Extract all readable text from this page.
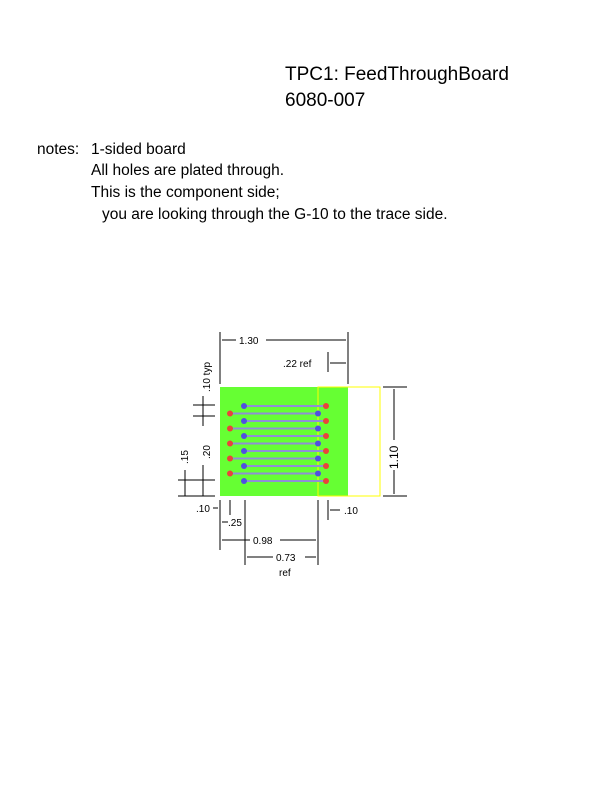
TPC1: FeedThroughBoard
6080-007
notes: 1-sided board
All holes are plated through.
This is the component side;
you are looking through the G-10 to the trace side.
1.30
.22 ref
.10 typ
.20
.15	1.10
.10	.10
.25
0.98
0.73
ref
